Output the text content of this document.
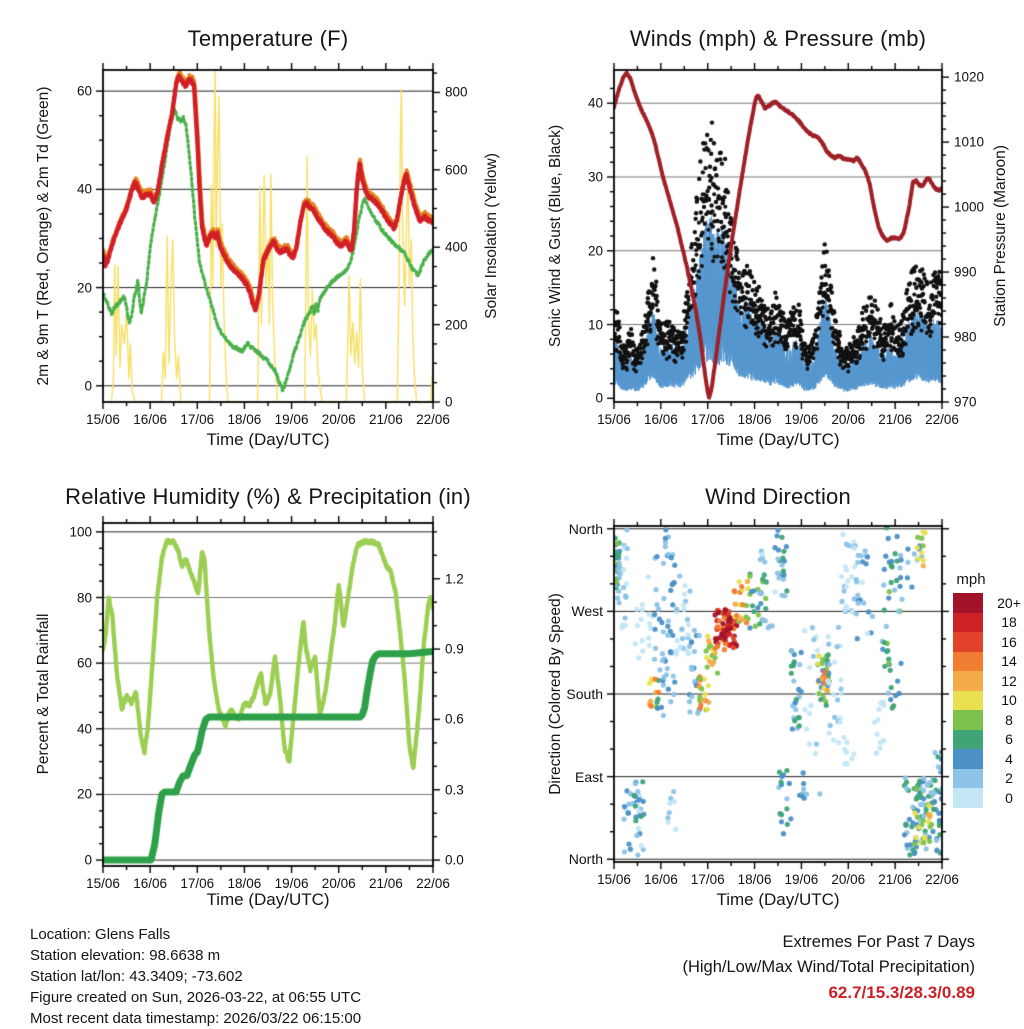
Temperature (F)
2m & 9m T (Red, Orange) & 2m Td (Green)	Solar Insolation (Yellow)
Time (Day/UTC)
Winds (mph) & Pressure (mb)
Sonic Wind & Gust (Blue, Black)	Station Pressure (Maroon)
Time (Day/UTC)
Relative Humidity (%) & Precipitation (in)
Percent & Total Rainfall
Time (Day/UTC)
Wind Direction
Direction (Colored By Speed)
Time (Day/UTC)
mph
20+
18
16
14
12
10
8
6
4
2
0
15/06 16/06 17/06 18/06 19/06 20/06 21/06 22/06
0
20
40
60
0
200
400
600
800
15/06 16/06 17/06 18/06 19/06 20/06 21/06 22/06
0
10
20
30
40
970
980
990
1000
1010
1020
15/06 16/06 17/06 18/06 19/06 20/06 21/06 22/06
0
20
40
60
80
100
0.0
0.3
0.6
0.9
1.2
15/06 16/06 17/06 18/06 19/06 20/06 21/06 22/06
North
West
South
East
North
Location: Glens Falls
Station elevation: 98.6638 m
Station lat/lon: 43.3409; -73.602
Figure created on Sun, 2026-03-22, at 06:55 UTC
Most recent data timestamp: 2026/03/22 06:15:00
Extremes For Past 7 Days
(High/Low/Max Wind/Total Precipitation)
62.7/15.3/28.3/0.89
